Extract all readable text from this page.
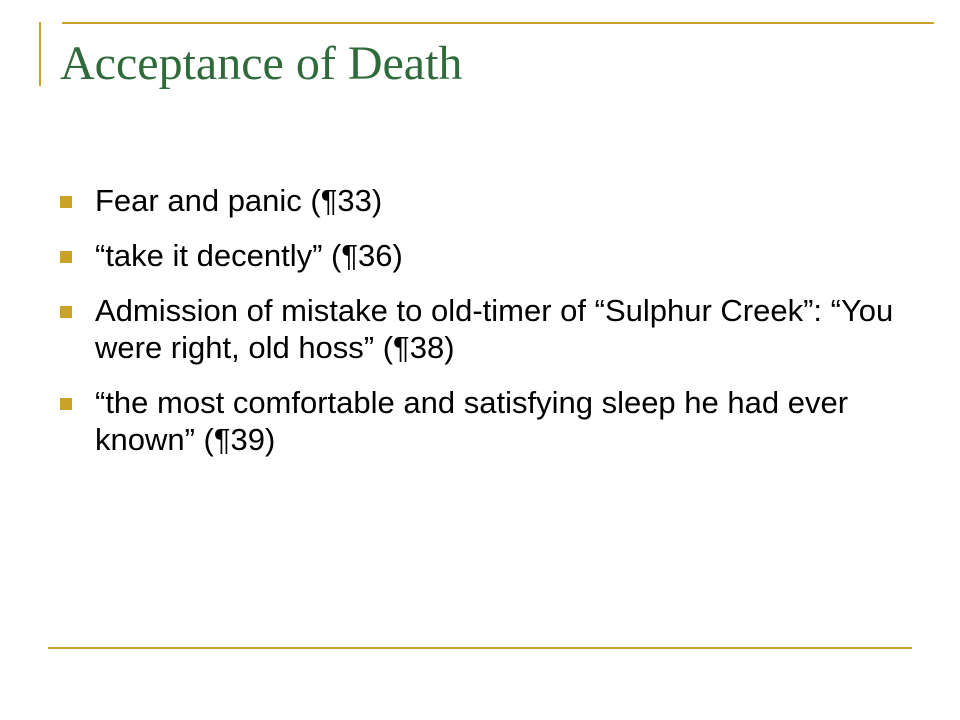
Acceptance of Death
Fear and panic (¶33)
“take it decently” (¶36)
Admission of mistake to old-timer of “Sulphur Creek”: “You were right, old hoss” (¶38)
“the most comfortable and satisfying sleep he had ever known” (¶39)
